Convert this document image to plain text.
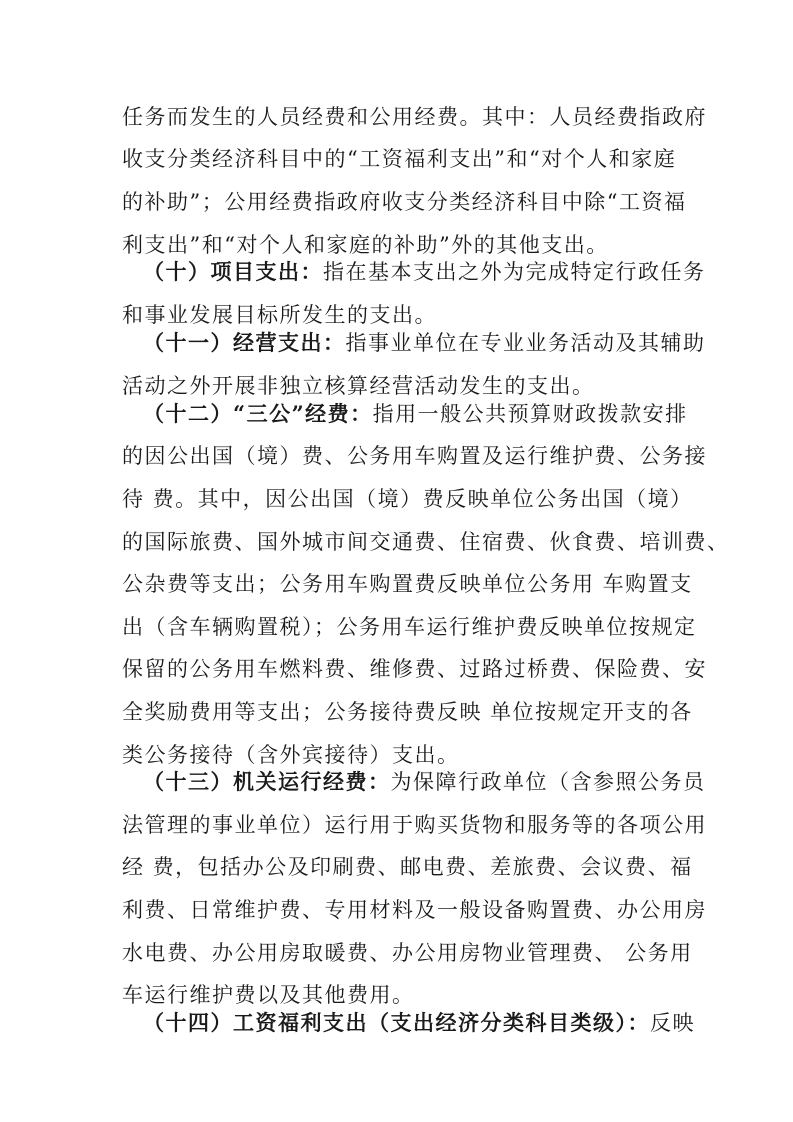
任务而发生的人员经费和公用经费。其中：人员经费指政府
收支分类经济科目中的“工资福利支出”和“对个人和家庭
的补助”；公用经费指政府收支分类经济科目中除“工资福
利支出”和“对个人和家庭的补助”外的其他支出。
（十）项目支出：指在基本支出之外为完成特定行政任务
和事业发展目标所发生的支出。
（十一）经营支出：指事业单位在专业业务活动及其辅助
活动之外开展非独立核算经营活动发生的支出。
（十二）“三公”经费：指用一般公共预算财政拨款安排
的因公出国（境）费、公务用车购置及运行维护费、公务接
待 费。其中，因公出国（境）费反映单位公务出国（境）
的国际旅费、国外城市间交通费、住宿费、伙食费、培训费、
公杂费等支出；公务用车购置费反映单位公务用 车购置支
出（含车辆购置税）；公务用车运行维护费反映单位按规定
保留的公务用车燃料费、维修费、过路过桥费、保险费、安
全奖励费用等支出；公务接待费反映 单位按规定开支的各
类公务接待（含外宾接待）支出。
（十三）机关运行经费：为保障行政单位（含参照公务员
法管理的事业单位）运行用于购买货物和服务等的各项公用
经 费，包括办公及印刷费、邮电费、差旅费、会议费、福
利费、日常维护费、专用材料及一般设备购置费、办公用房
水电费、办公用房取暖费、办公用房物业管理费、 公务用
车运行维护费以及其他费用。
（十四）工资福利支出（支出经济分类科目类级）：反映
